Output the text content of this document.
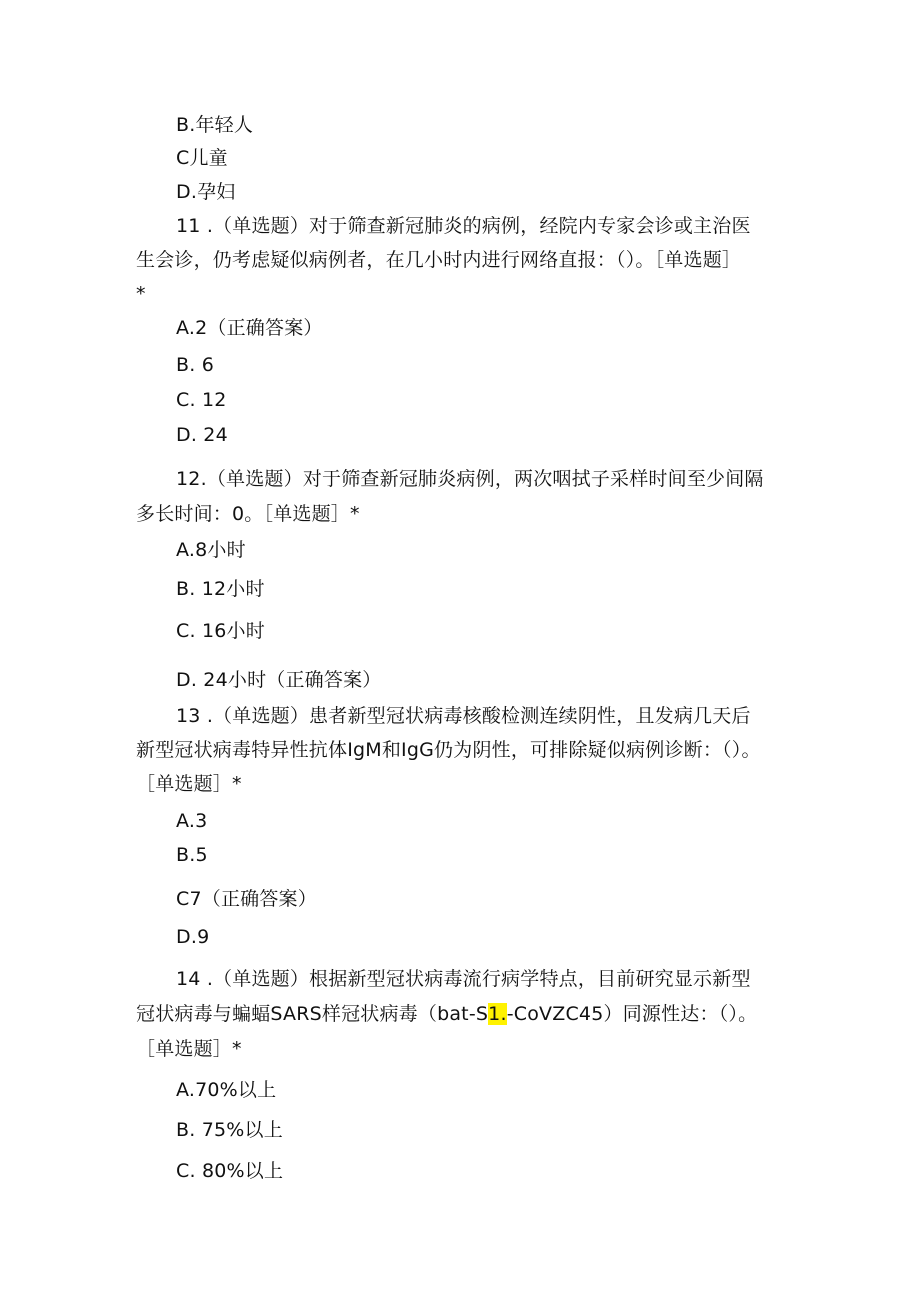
B.年轻人
C儿童
D.孕妇
11 .（单选题）对于筛查新冠肺炎的病例，经院内专家会诊或主治医
生会诊，仍考虑疑似病例者，在几小时内进行网络直报：（）。［单选题］
*
A.2（正确答案）
B. 6
C. 12
D. 24
12.（单选题）对于筛查新冠肺炎病例，两次咽拭子采样时间至少间隔
多长时间：0。［单选题］*
A.8小时
B. 12小时
C. 16小时
D. 24小时（正确答案）
13 .（单选题）患者新型冠状病毒核酸检测连续阴性，且发病几天后
新型冠状病毒特异性抗体IgM和IgG仍为阴性，可排除疑似病例诊断：（）。
［单选题］*
A.3
B.5
C7（正确答案）
D.9
14 .（单选题）根据新型冠状病毒流行病学特点，目前研究显示新型
冠状病毒与蝙蝠SARS样冠状病毒（bat-S1.-CoVZC45）同源性达：（）。
［单选题］*
A.70%以上
B. 75%以上
C. 80%以上
